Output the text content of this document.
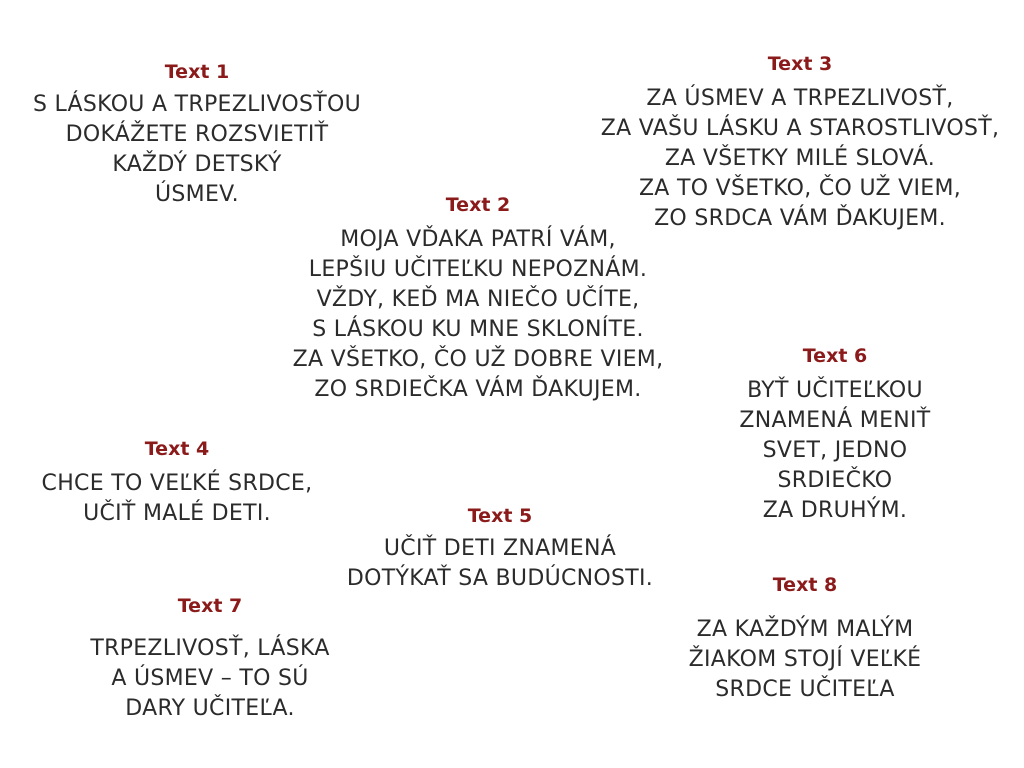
Text 1

S LÁSKOU A TRPEZLIVOSŤOU
DOKÁŽETE ROZSVIETIŤ
KAŽDÝ DETSKÝ
ÚSMEV.	Text 2

MOJA VĎAKA PATRÍ VÁM,
LEPŠIU UČITEĽKU NEPOZNÁM.
VŽDY, KEĎ MA NIEČO UČÍTE,
S LÁSKOU KU MNE SKLONÍTE.
ZA VŠETKO, ČO UŽ DOBRE VIEM,
ZO SRDIEČKA VÁM ĎAKUJEM.

Text 3

ZA ÚSMEV A TRPEZLIVOSŤ,
ZA VAŠU LÁSKU A STAROSTLIVOSŤ,
ZA VŠETKY MILÉ SLOVÁ.
ZA TO VŠETKO, ČO UŽ VIEM,
ZO SRDCA VÁM ĎAKUJEM.

Text 4

CHCE TO VEĽKÉ SRDCE,
UČIŤ MALÉ DETI.	Text 5

UČIŤ DETI ZNAMENÁ
DOTÝKAŤ SA BUDÚCNOSTI.

Text 6

BYŤ UČITEĽKOU
ZNAMENÁ MENIŤ
SVET, JEDNO
SRDIEČKO
ZA DRUHÝM.

Text 7

TRPEZLIVOSŤ, LÁSKA
A ÚSMEV – TO SÚ
DARY UČITEĽA.

Text 8

ZA KAŽDÝM MALÝM
ŽIAKOM STOJÍ VEĽKÉ
SRDCE UČITEĽA
